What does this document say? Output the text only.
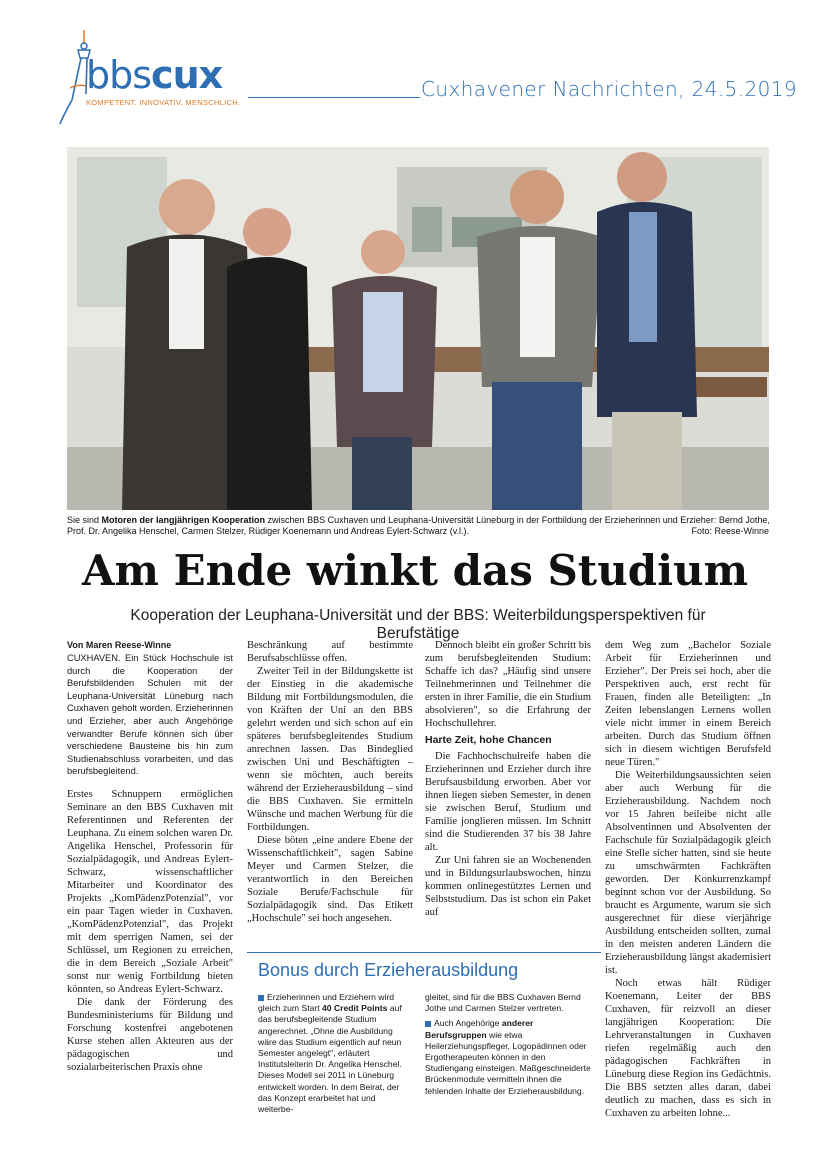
bbscux
KOMPETENT. INNOVATIV. MENSCHLICH.
Cuxhavener Nachrichten, 24.5.2019
Sie sind Motoren der langjährigen Kooperation zwischen BBS Cuxhaven und Leuphana-Universität Lüneburg in der Fortbildung der Erzieherinnen und Erzieher: Bernd Jothe, Prof. Dr. Angelika Henschel, Carmen Stelzer, Rüdiger Koenemann und Andreas Eylert-Schwarz (v.l.).	Foto: Reese-Winne
Am Ende winkt das Studium
Kooperation der Leuphana-Universität und der BBS: Weiterbildungsperspektiven für Berufstätige
Von Maren Reese-Winne

CUXHAVEN. Ein Stück Hochschule ist durch die Kooperation der Berufsbildenden Schulen mit der Leuphana-Universität Lüneburg nach Cuxhaven geholt worden. Erzieherinnen und Erzieher, aber auch Angehörige verwandter Berufe können sich über verschiedene Bausteine bis hin zum Studienabschluss vorarbeiten, und das berufsbegleitend.

Erstes Schnuppern ermöglichen Seminare an den BBS Cuxhaven mit Referentinnen und Referenten der Leuphana. Zu einem solchen waren Dr. Angelika Henschel, Professorin für Sozialpädagogik, und Andreas Eylert-Schwarz, wissenschaftlicher Mitarbeiter und Koordinator des Projekts „KomPädenzPotenzial", vor ein paar Tagen wieder in Cuxhaven. „KomPädenzPotenzial", das Projekt mit dem sperrigen Namen, sei der Schlüssel, um Regionen zu erreichen, die in dem Bereich „Soziale Arbeit" sonst nur wenig Fortbildung bieten könnten, so Andreas Eylert-Schwarz.

Die dank der Förderung des Bundesministeriums für Bildung und Forschung kostenfrei angebotenen Kurse stehen allen Akteuren aus der pädagogischen und sozialarbeiterischen Praxis ohne

Beschränkung auf bestimmte Berufsabschlüsse offen.

Zweiter Teil in der Bildungskette ist der Einstieg in die akademische Bildung mit Fortbildungsmodulen, die von Kräften der Uni an den BBS gelehrt werden und sich schon auf ein späteres berufsbegleitendes Studium anrechnen lassen. Das Bindeglied zwischen Uni und Beschäftigten – wenn sie möchten, auch bereits während der Erzieherausbildung – sind die BBS Cuxhaven. Sie ermitteln Wünsche und machen Werbung für die Fortbildungen.

Diese böten „eine andere Ebene der Wissenschaftlichkeit", sagen Sabine Meyer und Carmen Stelzer, die verantwortlich in den Bereichen Soziale Berufe/Fachschule für Sozialpädagogik sind. Das Etikett „Hochschule" sei hoch angesehen.

Dennoch bleibt ein großer Schritt bis zum berufsbegleitenden Studium: Schaffe ich das? „Häufig sind unsere Teilnehmerinnen und Teilnehmer die ersten in ihrer Familie, die ein Studium absolvieren", so die Erfahrung der Hochschullehrer.

Harte Zeit, hohe Chancen

Die Fachhochschulreife haben die Erzieherinnen und Erzieher durch ihre Berufsausbildung erworben. Aber vor ihnen liegen sieben Semester, in denen sie zwischen Beruf, Studium und Familie jonglieren müssen. Im Schnitt sind die Studierenden 37 bis 38 Jahre alt.

Zur Uni fahren sie an Wochenenden und in Bildungsurlaubswochen, hinzu kommen onlinegestütztes Lernen und Selbststudium. Das ist schon ein Paket auf

dem Weg zum „Bachelor Soziale Arbeit für Erzieherinnen und Erzieher". Der Preis sei hoch, aber die Perspektiven auch, erst recht für Frauen, finden alle Beteiligten: „In Zeiten lebenslangen Lernens wollen viele nicht immer in einem Bereich arbeiten. Durch das Studium öffnen sich in diesem wichtigen Berufsfeld neue Türen."

Die Weiterbildungsaussichten seien aber auch Werbung für die Erzieherausbildung. Nachdem noch vor 15 Jahren beileibe nicht alle Absolventinnen und Absolventen der Fachschule für Sozialpädagogik gleich eine Stelle sicher hatten, sind sie heute zu umschwärmten Fachkräften geworden. Der Konkurrenzkampf beginnt schon vor der Ausbildung. So braucht es Argumente, warum sie sich ausgerechnet für diese vierjährige Ausbildung entscheiden sollten, zumal in den meisten anderen Ländern die Erzieherausbildung längst akademisiert ist.

Noch etwas hält Rüdiger Koenemann, Leiter der BBS Cuxhaven, für reizvoll an dieser langjährigen Kooperation: Die Lehrveranstaltungen in Cuxhaven riefen regelmäßig auch den pädagogischen Fachkräften in Lüneburg diese Region ins Gedächtnis. Die BBS setzten alles daran, dabei deutlich zu machen, dass es sich in Cuxhaven zu arbeiten lohne...

Bonus durch Erzieherausbildung

Erzieherinnen und Erziehern wird gleich zum Start 40 Credit Points auf das berufsbegleitende Studium angerechnet. „Ohne die Ausbildung wäre das Studium eigentlich auf neun Semester angelegt", erläutert Institutsleiterin Dr. Angelika Henschel. Dieses Modell sei 2011 in Lüneburg entwickelt worden. In dem Beirat, der das Konzept erarbeitet hat und weiterbe-

gleitet, sind für die BBS Cuxhaven Bernd Jothe und Carmen Stelzer vertreten.

Auch Angehörige anderer Berufsgruppen wie etwa Heilerziehungspfleger, Logopädinnen oder Ergotherapeuten können in den Studiengang einsteigen. Maßgeschneiderte Brückenmodule vermitteln ihnen die fehlenden Inhalte der Erzieherausbildung.
